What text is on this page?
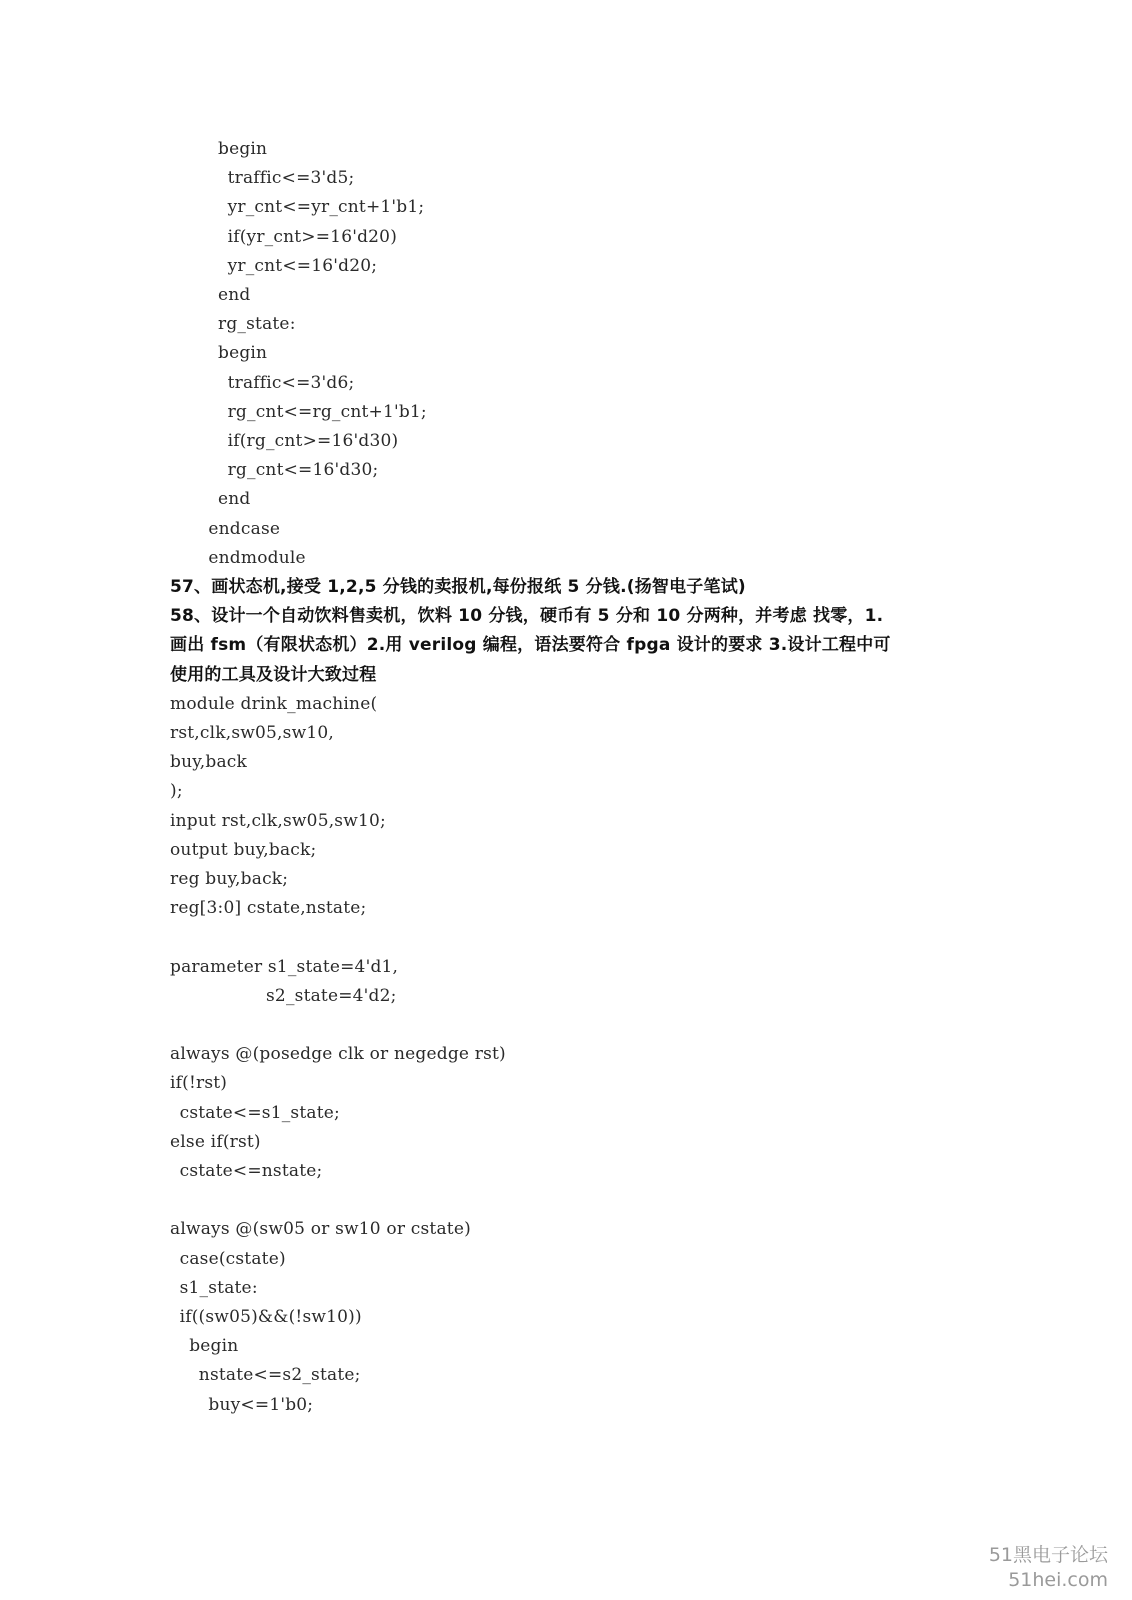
begin
traffic<=3'd5;
yr_cnt<=yr_cnt+1'b1;
if(yr_cnt>=16'd20)
yr_cnt<=16'd20;
end
rg_state:
begin
traffic<=3'd6;
rg_cnt<=rg_cnt+1'b1;
if(rg_cnt>=16'd30)
rg_cnt<=16'd30;
end
endcase
endmodule
57、画状态机,接受 1,2,5 分钱的卖报机,每份报纸 5 分钱.(扬智电子笔试)
58、设计一个自动饮料售卖机，饮料 10 分钱，硬币有 5 分和 10 分两种，并考虑 找零，1.
画出 fsm（有限状态机）2.用 verilog 编程，语法要符合 fpga 设计的要求 3.设计工程中可
使用的工具及设计大致过程
module drink_machine(
rst,clk,sw05,sw10,
buy,back
);
input rst,clk,sw05,sw10;
output buy,back;
reg buy,back;
reg[3:0] cstate,nstate;
parameter s1_state=4'd1,
s2_state=4'd2;
always @(posedge clk or negedge rst)
if(!rst)
cstate<=s1_state;
else if(rst)
cstate<=nstate;
always @(sw05 or sw10 or cstate)
case(cstate)
s1_state:
if((sw05)&&(!sw10))
begin
nstate<=s2_state;
buy<=1'b0;
51黑电子论坛
51hei.com
